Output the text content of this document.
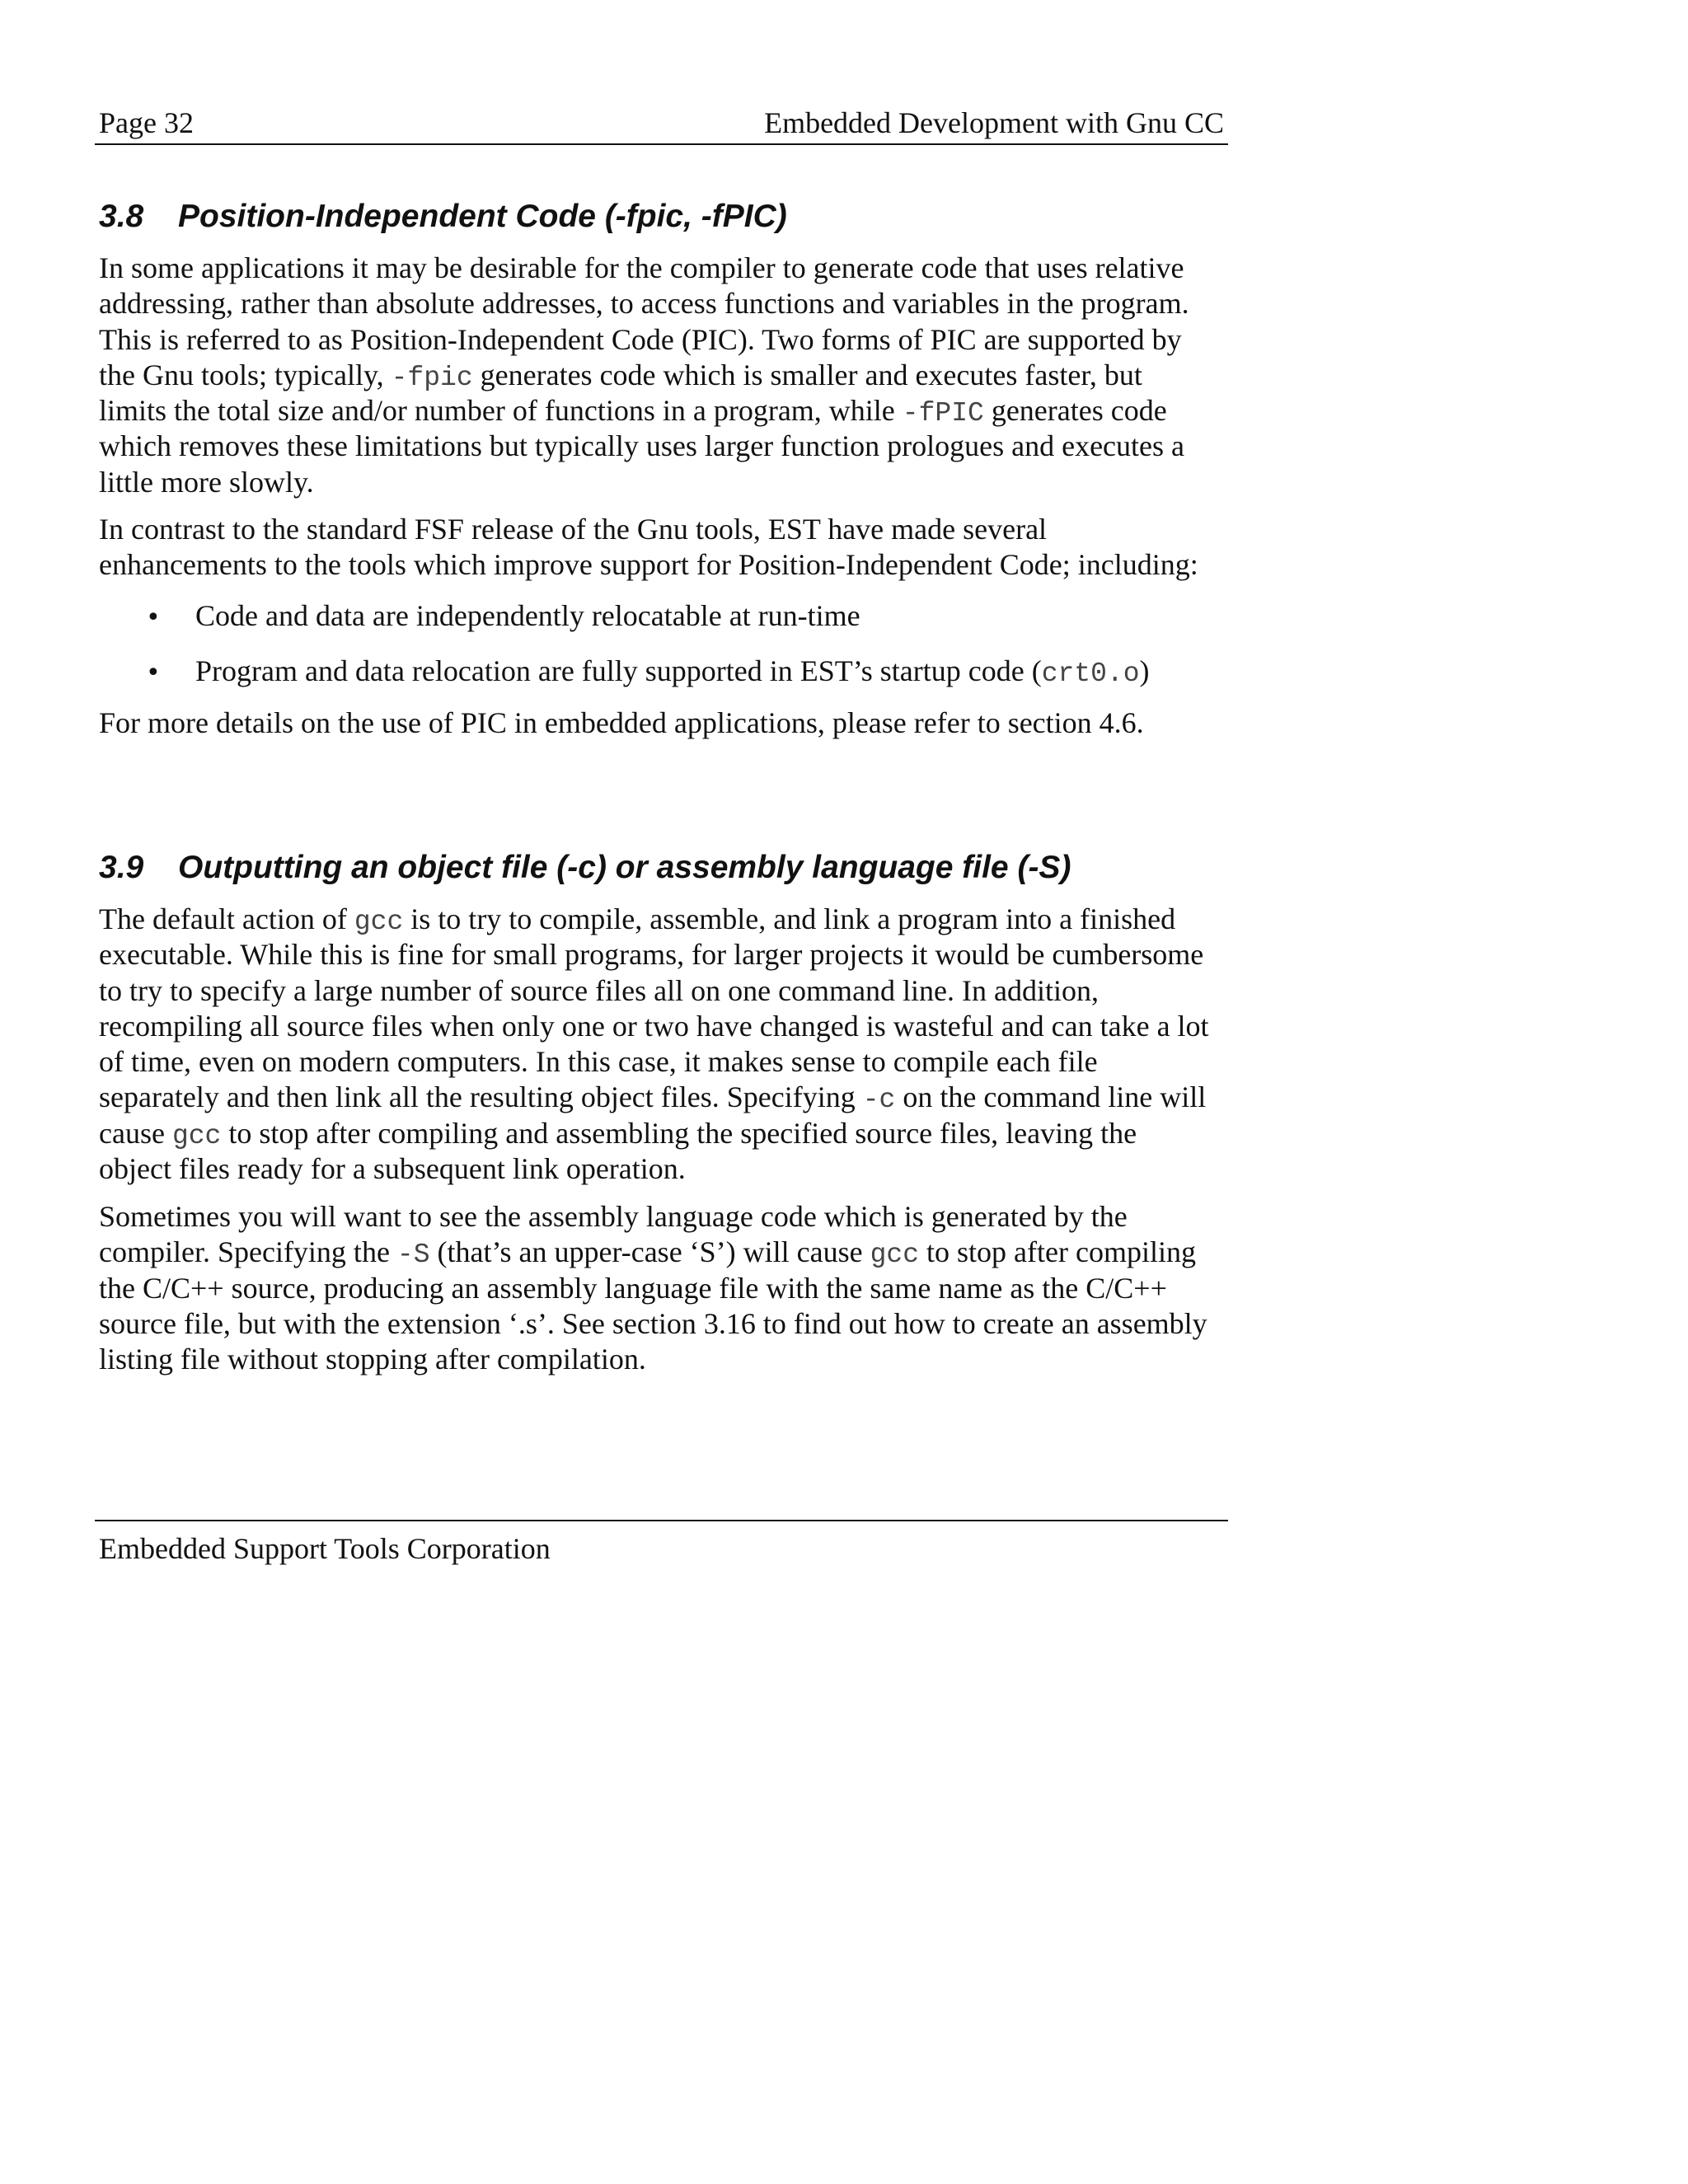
Page 32	Embedded Development with Gnu CC
3.8 Position-Independent Code (-fpic, -fPIC)
In some applications it may be desirable for the compiler to generate code that uses relative
addressing, rather than absolute addresses, to access functions and variables in the program.
This is referred to as Position-Independent Code (PIC). Two forms of PIC are supported by
the Gnu tools; typically, -fpic generates code which is smaller and executes faster, but
limits the total size and/or number of functions in a program, while -fPIC generates code
which removes these limitations but typically uses larger function prologues and executes a
little more slowly.
In contrast to the standard FSF release of the Gnu tools, EST have made several
enhancements to the tools which improve support for Position-Independent Code; including:
• Code and data are independently relocatable at run-time
• Program and data relocation are fully supported in EST’s startup code (crt0.o)
For more details on the use of PIC in embedded applications, please refer to section 4.6.
3.9 Outputting an object file (-c) or assembly language file (-S)
The default action of gcc is to try to compile, assemble, and link a program into a finished
executable. While this is fine for small programs, for larger projects it would be cumbersome
to try to specify a large number of source files all on one command line. In addition,
recompiling all source files when only one or two have changed is wasteful and can take a lot
of time, even on modern computers. In this case, it makes sense to compile each file
separately and then link all the resulting object files. Specifying -c on the command line will
cause gcc to stop after compiling and assembling the specified source files, leaving the
object files ready for a subsequent link operation.
Sometimes you will want to see the assembly language code which is generated by the
compiler. Specifying the -S (that’s an upper-case ‘S’) will cause gcc to stop after compiling
the C/C++ source, producing an assembly language file with the same name as the C/C++
source file, but with the extension ‘.s’. See section 3.16 to find out how to create an assembly
listing file without stopping after compilation.
Embedded Support Tools Corporation
